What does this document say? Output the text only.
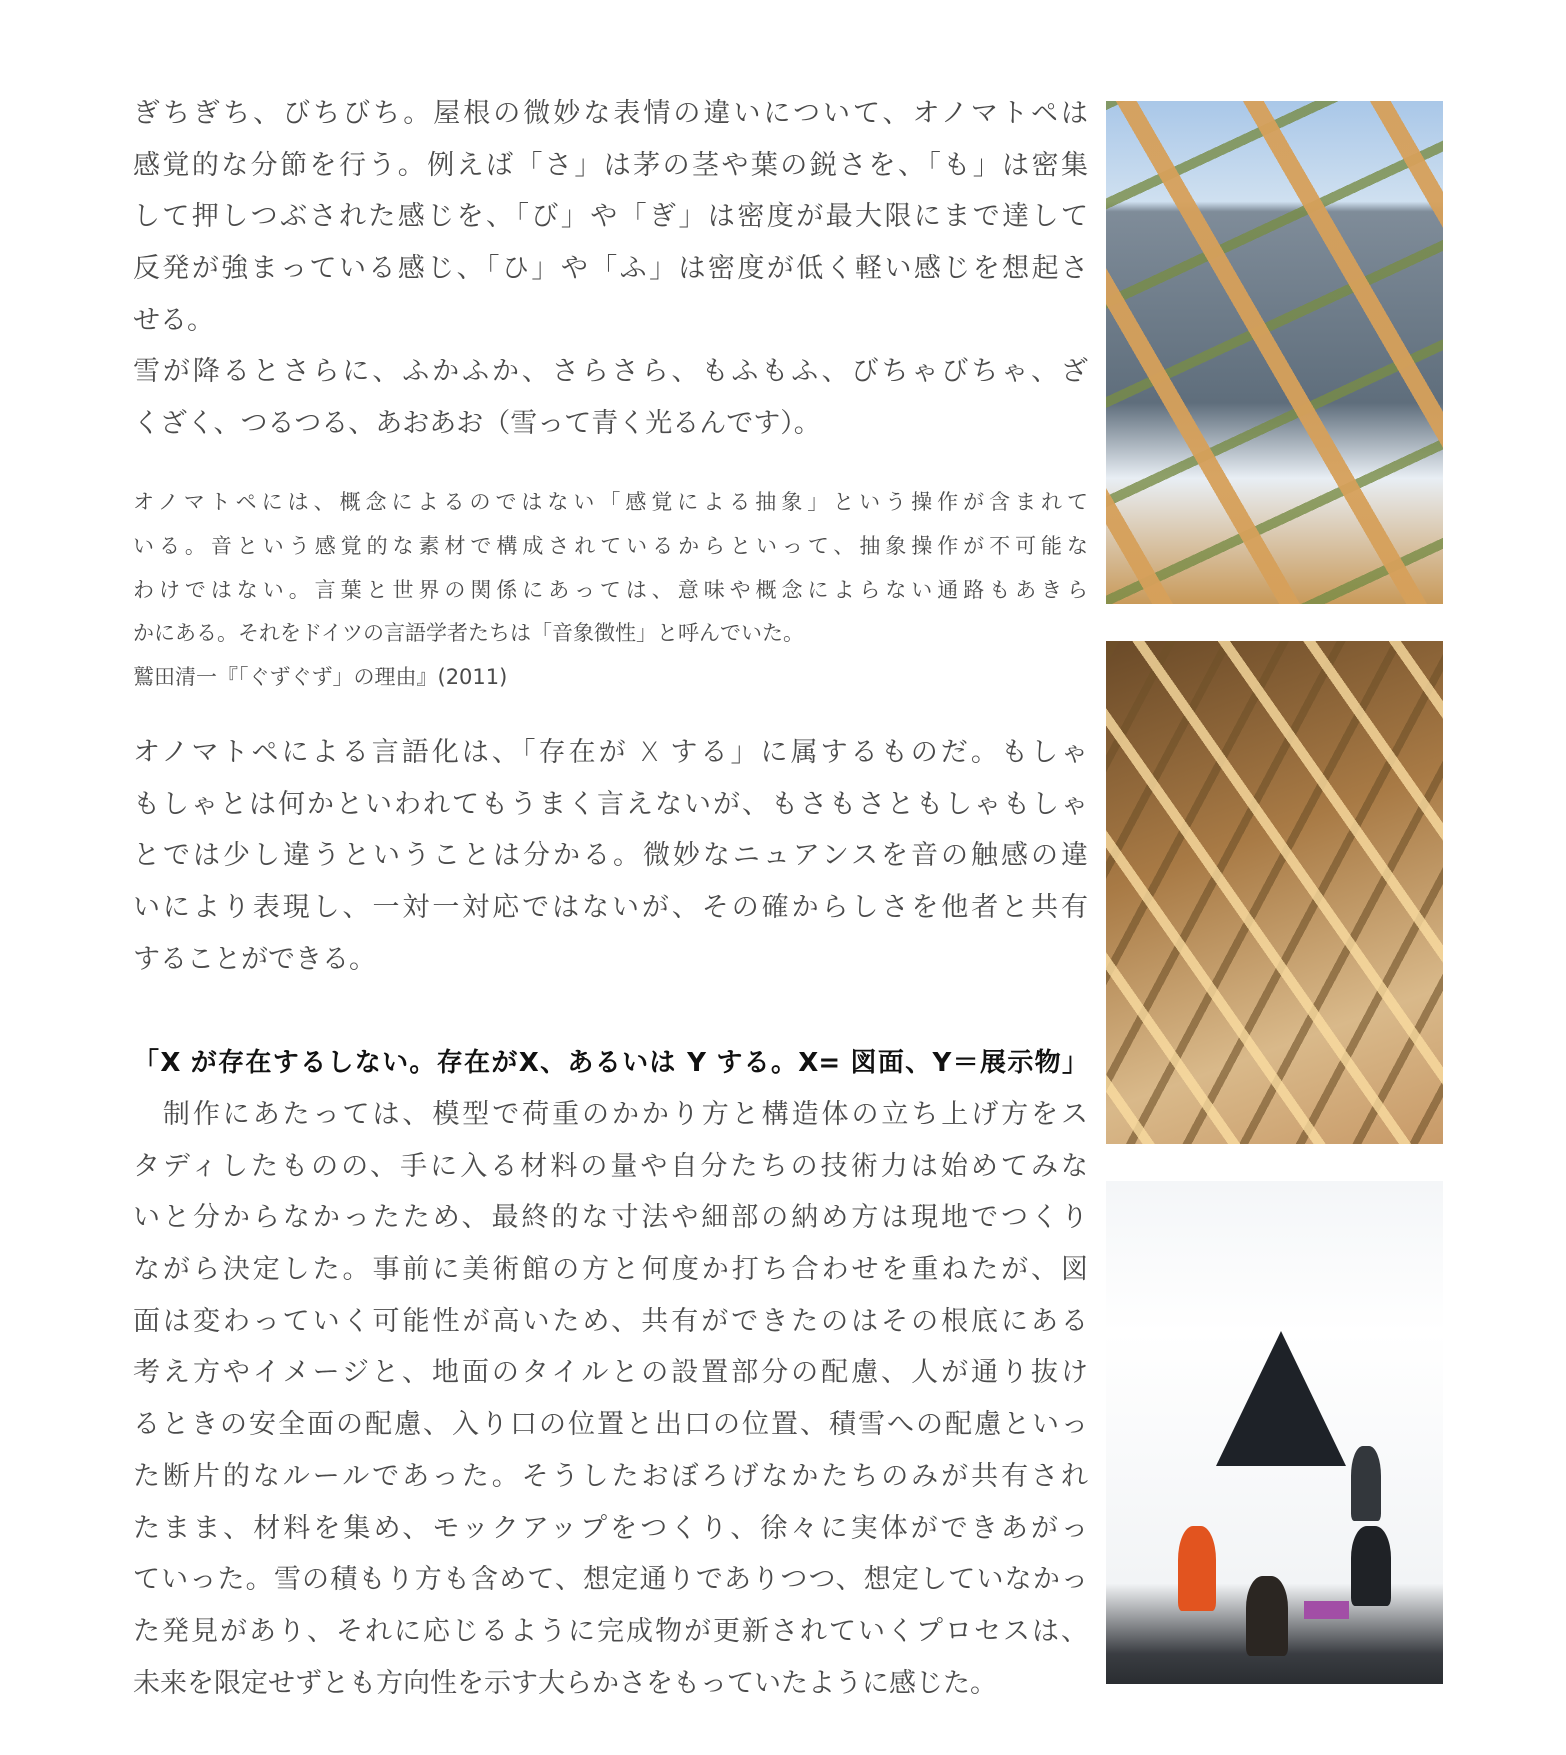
ぎちぎち、びちびち。屋根の微妙な表情の違いについて、オノマトペは
感覚的な分節を行う。例えば「さ」は茅の茎や葉の鋭さを、「も」は密集
して押しつぶされた感じを、「び」や「ぎ」は密度が最大限にまで達して
反発が強まっている感じ、「ひ」や「ふ」は密度が低く軽い感じを想起さ
せる。
雪が降るとさらに、ふかふか、さらさら、もふもふ、びちゃびちゃ、ざ
くざく、つるつる、あおあお（雪って青く光るんです）。
オノマトペには、概念によるのではない「感覚による抽象」という操作が含まれて
いる。音という感覚的な素材で構成されているからといって、抽象操作が不可能な
わけではない。言葉と世界の関係にあっては、意味や概念によらない通路もあきら
かにある。それをドイツの言語学者たちは「音象徴性」と呼んでいた。
鷲田清一『「ぐずぐず」の理由』(2011)
オノマトペによる言語化は、「存在が X する」に属するものだ。もしゃ
もしゃとは何かといわれてもうまく言えないが、もさもさともしゃもしゃ
とでは少し違うということは分かる。微妙なニュアンスを音の触感の違
いにより表現し、一対一対応ではないが、その確からしさを他者と共有
することができる。
「X が存在するしない。存在がX、あるいは Y する。X= 図面、Y＝展示物」
　制作にあたっては、模型で荷重のかかり方と構造体の立ち上げ方をス
タディしたものの、手に入る材料の量や自分たちの技術力は始めてみな
いと分からなかったため、最終的な寸法や細部の納め方は現地でつくり
ながら決定した。事前に美術館の方と何度か打ち合わせを重ねたが、図
面は変わっていく可能性が高いため、共有ができたのはその根底にある
考え方やイメージと、地面のタイルとの設置部分の配慮、人が通り抜け
るときの安全面の配慮、入り口の位置と出口の位置、積雪への配慮といっ
た断片的なルールであった。そうしたおぼろげなかたちのみが共有され
たまま、材料を集め、モックアップをつくり、徐々に実体ができあがっ
ていった。雪の積もり方も含めて、想定通りでありつつ、想定していなかっ
た発見があり、それに応じるように完成物が更新されていくプロセスは、
未来を限定せずとも方向性を示す大らかさをもっていたように感じた。
